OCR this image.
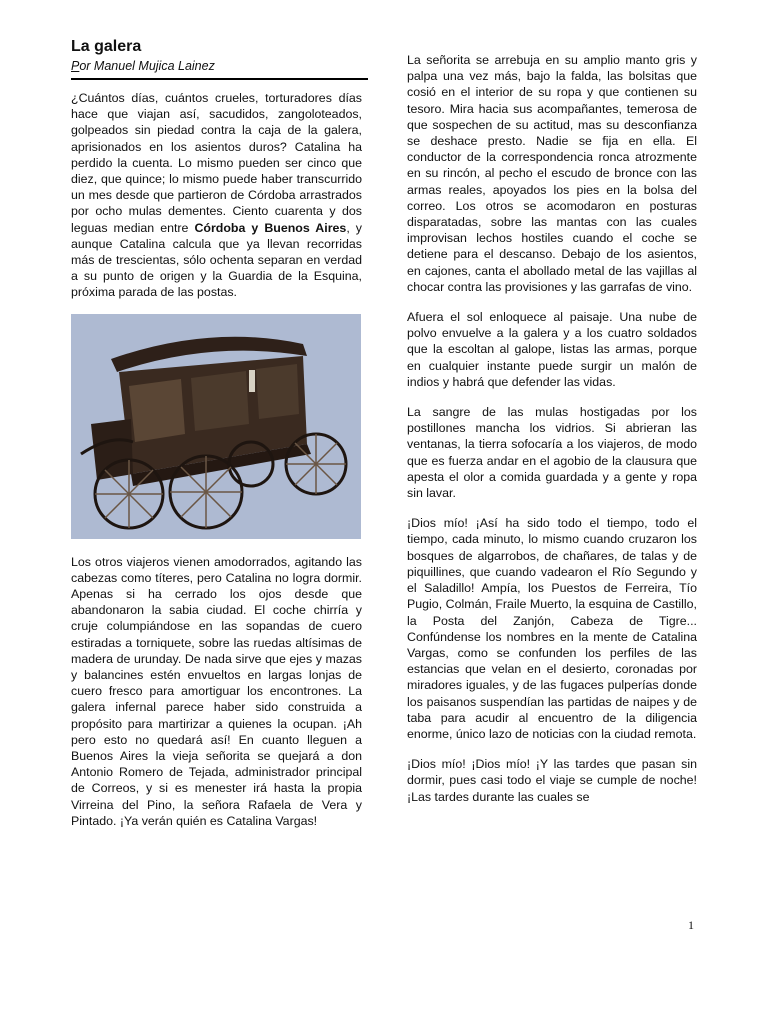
La galera
Por Manuel Mujica Lainez

¿Cuántos días, cuántos crueles, torturadores días hace que viajan así, sacudidos, zangoloteados, golpeados sin piedad contra la caja de la galera, aprisionados en los asientos duros? Catalina ha perdido la cuenta. Lo mismo pueden ser cinco que diez, que quince; lo mismo puede haber transcurrido un mes desde que partieron de Córdoba arrastrados por ocho mulas dementes. Ciento cuarenta y dos leguas median entre Córdoba y Buenos Aires, y aunque Catalina calcula que ya llevan recorridas más de trescientas, sólo ochenta separan en verdad a su punto de origen y la Guardia de la Esquina, próxima parada de las postas.

Los otros viajeros vienen amodorrados, agitando las cabezas como títeres, pero Catalina no logra dormir. Apenas si ha cerrado los ojos desde que abandonaron la sabia ciudad. El coche chirría y cruje columpiándose en las sopandas de cuero estiradas a torniquete, sobre las ruedas altísimas de madera de urunday. De nada sirve que ejes y mazas y balancines estén envueltos en largas lonjas de cuero fresco para amortiguar los encontrones. La galera infernal parece haber sido construida a propósito para martirizar a quienes la ocupan. ¡Ah pero esto no quedará así! En cuanto lleguen a Buenos Aires la vieja señorita se quejará a don Antonio Romero de Tejada, administrador principal de Correos, y si es menester irá hasta la propia Virreina del Pino, la señora Rafaela de Vera y Pintado. ¡Ya verán quién es Catalina Vargas!

La señorita se arrebuja en su amplio manto gris y palpa una vez más, bajo la falda, las bolsitas que cosió en el interior de su ropa y que contienen su tesoro. Mira hacia sus acompañantes, temerosa de que sospechen de su actitud, mas su desconfianza se deshace presto. Nadie se fija en ella. El conductor de la correspondencia ronca atrozmente en su rincón, al pecho el escudo de bronce con las armas reales, apoyados los pies en la bolsa del correo. Los otros se acomodaron en posturas disparatadas, sobre las mantas con las cuales improvisan lechos hostiles cuando el coche se detiene para el descanso. Debajo de los asientos, en cajones, canta el abollado metal de las vajillas al chocar contra las provisiones y las garrafas de vino.

Afuera el sol enloquece al paisaje. Una nube de polvo envuelve a la galera y a los cuatro soldados que la escoltan al galope, listas las armas, porque en cualquier instante puede surgir un malón de indios y habrá que defender las vidas.

La sangre de las mulas hostigadas por los postillones mancha los vidrios. Si abrieran las ventanas, la tierra sofocaría a los viajeros, de modo que es fuerza andar en el agobio de la clausura que apesta el olor a comida guardada y a gente y ropa sin lavar.

¡Dios mío! ¡Así ha sido todo el tiempo, todo el tiempo, cada minuto, lo mismo cuando cruzaron los bosques de algarrobos, de chañares, de talas y de piquillines, que cuando vadearon el Río Segundo y el Saladillo! Ampía, los Puestos de Ferreira, Tío Pugio, Colmán, Fraile Muerto, la esquina de Castillo, la Posta del Zanjón, Cabeza de Tigre... Confúndense los nombres en la mente de Catalina Vargas, como se confunden los perfiles de las estancias que velan en el desierto, coronadas por miradores iguales, y de las fugaces pulperías donde los paisanos suspendían las partidas de naipes y de taba para acudir al encuentro de la diligencia enorme, único lazo de noticias con la ciudad remota.

¡Dios mío! ¡Dios mío! ¡Y las tardes que pasan sin dormir, pues casi todo el viaje se cumple de noche! ¡Las tardes durante las cuales se

1
